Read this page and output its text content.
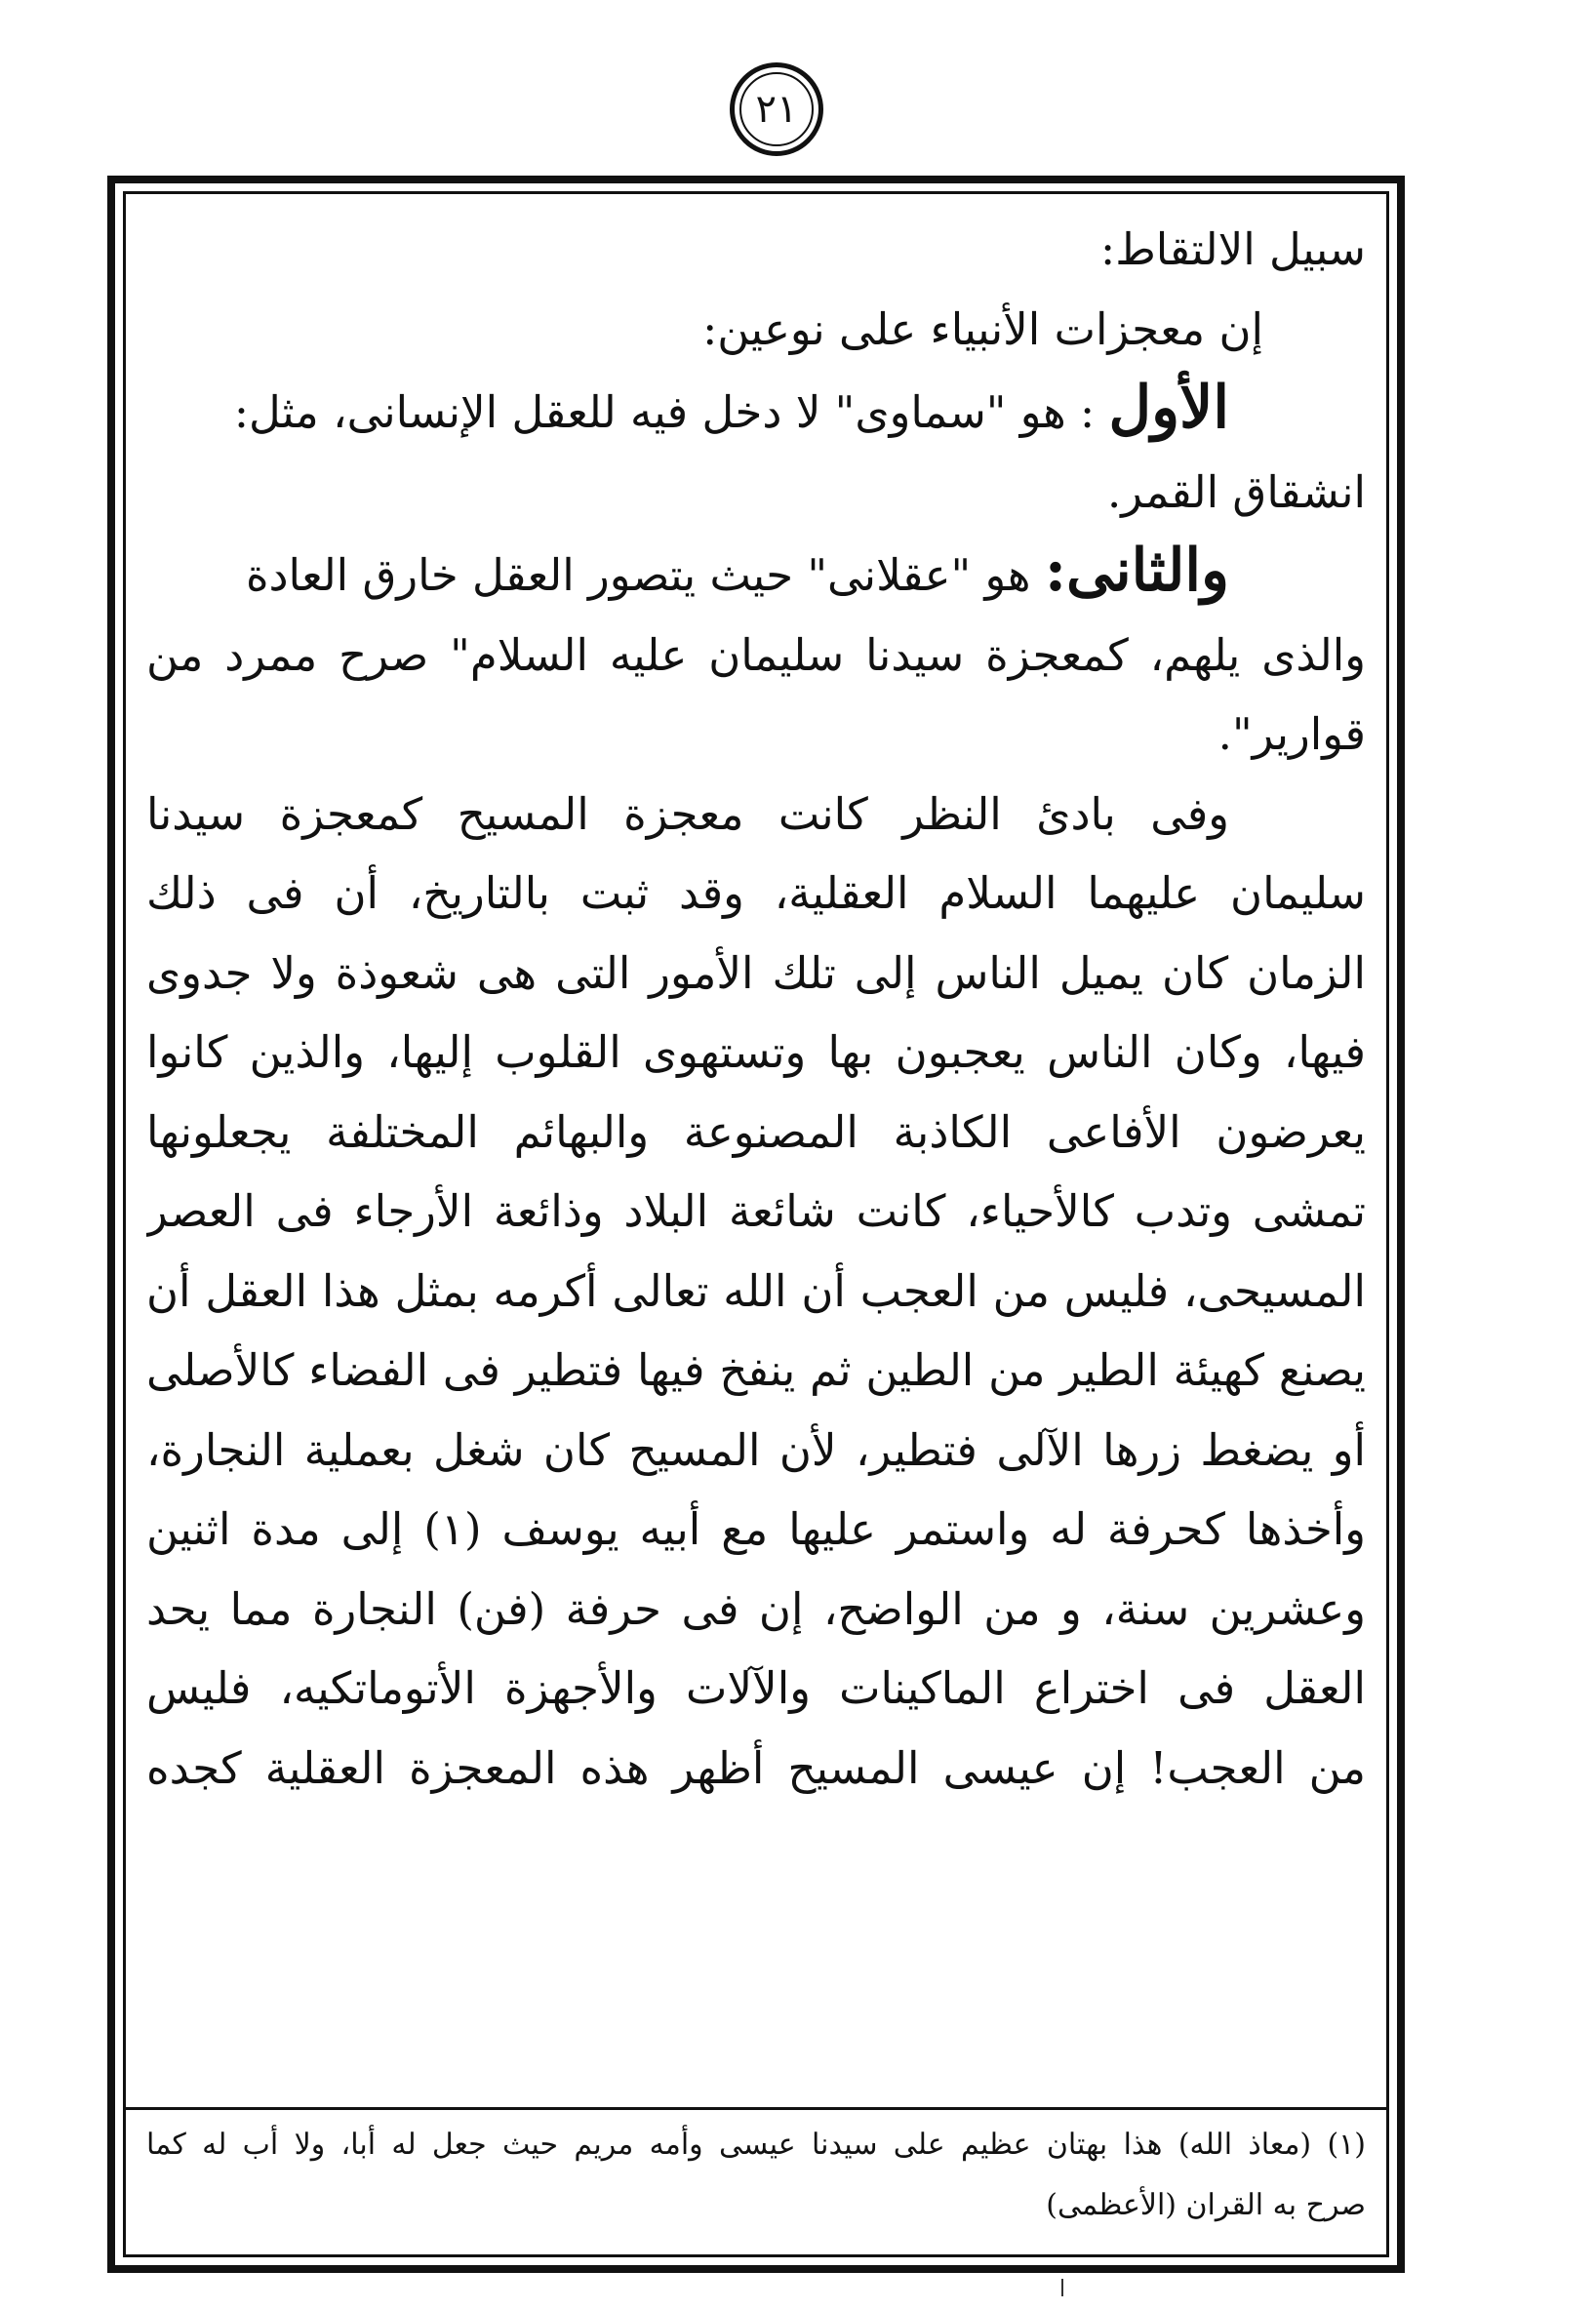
٢١
سبيل الالتقاط:
إن معجزات الأنبياء على نوعين:
الأول : هو "سماوى" لا دخل فيه للعقل الإنسانى، مثل:
انشقاق القمر.
والثانى: هو "عقلانى" حيث يتصور العقل خارق العادة
والذى يلهم، كمعجزة سيدنا سليمان عليه السلام" صرح ممرد من
قوارير".
وفى بادئ النظر كانت معجزة المسيح كمعجزة سيدنا
سليمان عليهما السلام العقلية، وقد ثبت بالتاريخ، أن فى ذلك
الزمان كان يميل الناس إلى تلك الأمور التى هى شعوذة ولا جدوى
فيها، وكان الناس يعجبون بها وتستهوى القلوب إليها، والذين كانوا
يعرضون الأفاعى الكاذبة المصنوعة والبهائم المختلفة يجعلونها
تمشى وتدب كالأحياء، كانت شائعة البلاد وذائعة الأرجاء فى العصر
المسيحى، فليس من العجب أن الله تعالى أكرمه بمثل هذا العقل أن
يصنع كهيئة الطير من الطين ثم ينفخ فيها فتطير فى الفضاء كالأصلى
أو يضغط زرها الآلى فتطير، لأن المسيح كان شغل بعملية النجارة،
وأخذها كحرفة له واستمر عليها مع أبيه يوسف (١) إلى مدة اثنين
وعشرين سنة، و من الواضح، إن فى حرفة (فن) النجارة مما يحد
العقل فى اختراع الماكينات والآلات والأجهزة الأتوماتكيه، فليس
من العجب! إن عيسى المسيح أظهر هذه المعجزة العقلية كجده
(١) (معاذ الله) هذا بهتان عظيم على سيدنا عيسى وأمه مريم حيث جعل له أبا، ولا أب له كما
صرح به القران (الأعظمى)
